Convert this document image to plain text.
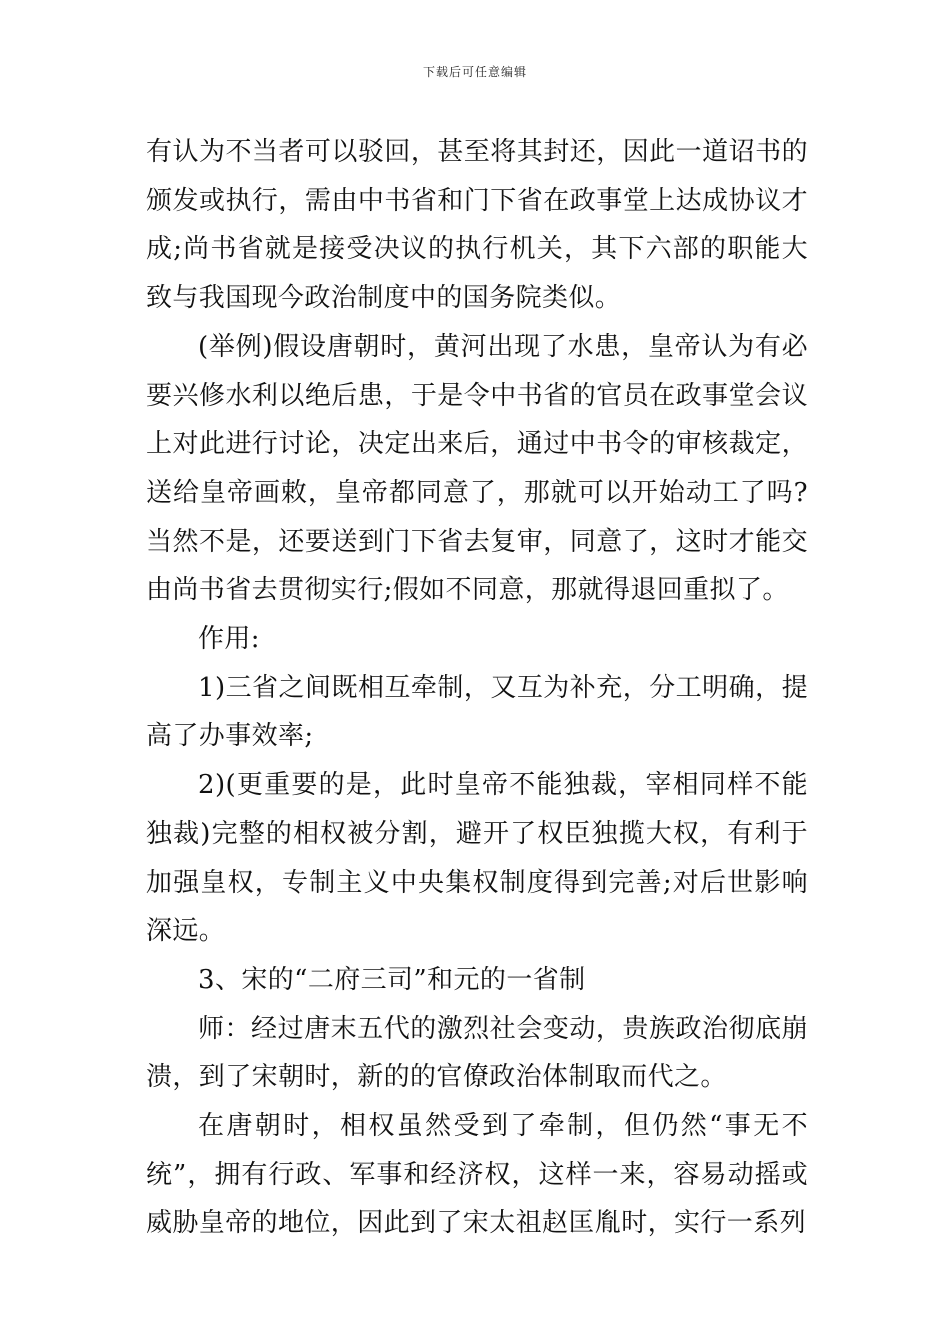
下载后可任意编辑

有认为不当者可以驳回，甚至将其封还，因此一道诏书的颁发或执行，需由中书省和门下省在政事堂上达成协议才成;尚书省就是接受决议的执行机关，其下六部的职能大致与我国现今政治制度中的国务院类似。

(举例)假设唐朝时，黄河出现了水患，皇帝认为有必要兴修水利以绝后患，于是令中书省的官员在政事堂会议上对此进行讨论，决定出来后，通过中书令的审核裁定，送给皇帝画敕，皇帝都同意了，那就可以开始动工了吗?当然不是，还要送到门下省去复审，同意了，这时才能交由尚书省去贯彻实行;假如不同意，那就得退回重拟了。

作用:

1)三省之间既相互牵制，又互为补充，分工明确，提高了办事效率;

2)(更重要的是，此时皇帝不能独裁，宰相同样不能独裁)完整的相权被分割，避开了权臣独揽大权，有利于加强皇权，专制主义中央集权制度得到完善;对后世影响深远。

3、宋的“二府三司”和元的一省制

师：经过唐末五代的激烈社会变动，贵族政治彻底崩溃，到了宋朝时，新的的官僚政治体制取而代之。

在唐朝时，相权虽然受到了牵制，但仍然“事无不统”，拥有行政、军事和经济权，这样一来，容易动摇或威胁皇帝的地位，因此到了宋太祖赵匡胤时，实行一系列
